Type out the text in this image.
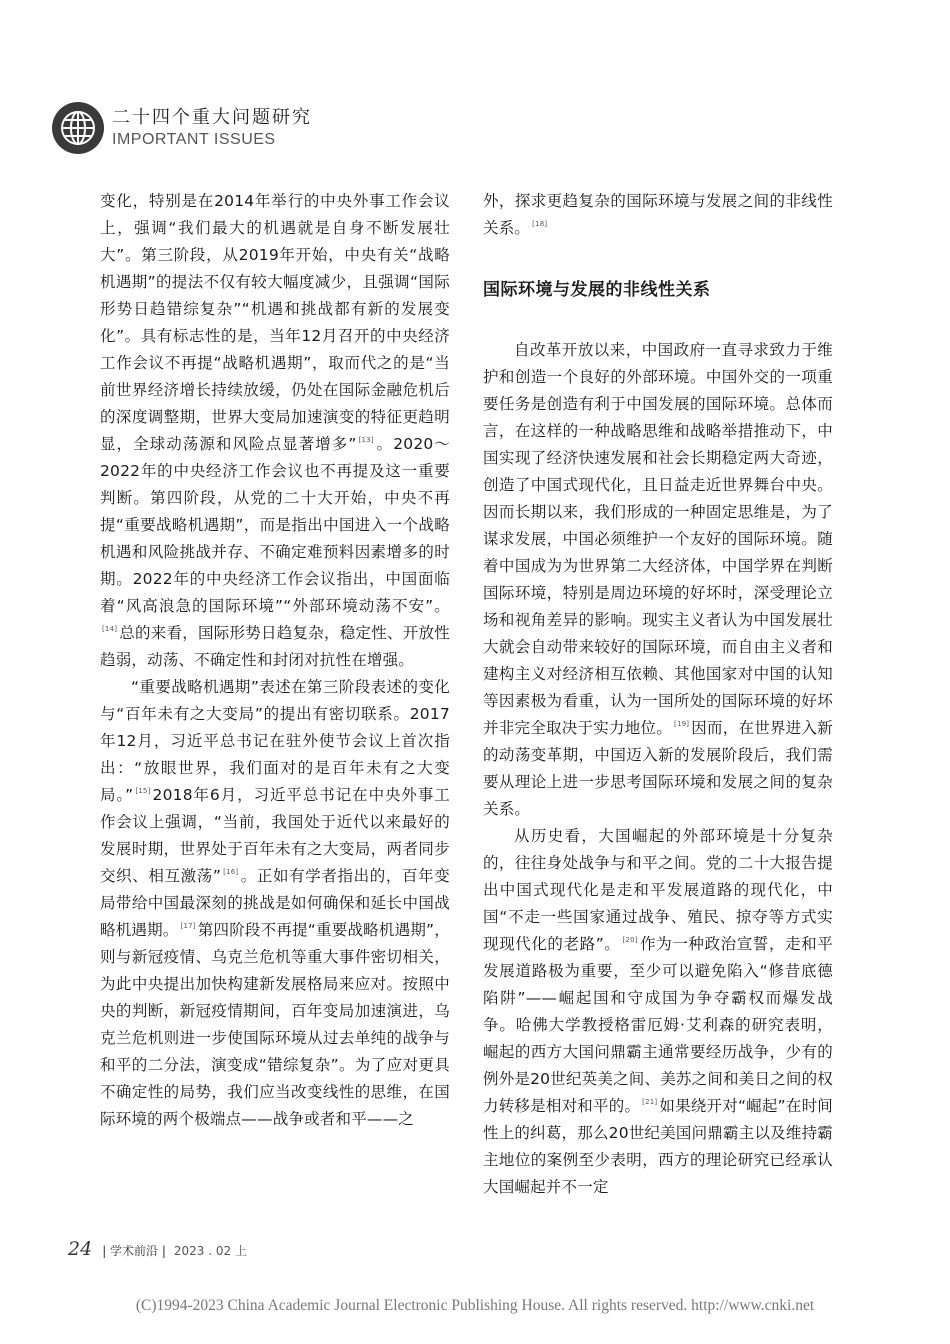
二十四个重大问题研究
IMPORTANT ISSUES

变化，特别是在2014年举行的中央外事工作会议上，强调“我们最大的机遇就是自身不断发展壮大”。第三阶段，从2019年开始，中央有关“战略机遇期”的提法不仅有较大幅度减少，且强调“国际形势日趋错综复杂”“机遇和挑战都有新的发展变化”。具有标志性的是，当年12月召开的中央经济工作会议不再提“战略机遇期”，取而代之的是“当前世界经济增长持续放缓，仍处在国际金融危机后的深度调整期，世界大变局加速演变的特征更趋明显，全球动荡源和风险点显著增多” [13] 。2020～2022年的中央经济工作会议也不再提及这一重要判断。第四阶段，从党的二十大开始，中央不再提“重要战略机遇期”，而是指出中国进入一个战略机遇和风险挑战并存、不确定难预料因素增多的时期。2022年的中央经济工作会议指出，中国面临着“风高浪急的国际环境”“外部环境动荡不安”。[14] 总的来看，国际形势日趋复杂，稳定性、开放性趋弱，动荡、不确定性和封闭对抗性在增强。

“重要战略机遇期”表述在第三阶段表述的变化与“百年未有之大变局”的提出有密切联系。2017年12月，习近平总书记在驻外使节会议上首次指出：“放眼世界，我们面对的是百年未有之大变局。” [15] 2018年6月，习近平总书记在中央外事工作会议上强调，“当前，我国处于近代以来最好的发展时期，世界处于百年未有之大变局，两者同步交织、相互激荡” [16] 。正如有学者指出的，百年变局带给中国最深刻的挑战是如何确保和延长中国战略机遇期。 [17] 第四阶段不再提“重要战略机遇期”，则与新冠疫情、乌克兰危机等重大事件密切相关，为此中央提出加快构建新发展格局来应对。按照中央的判断，新冠疫情期间，百年变局加速演进，乌克兰危机则进一步使国际环境从过去单纯的战争与和平的二分法，演变成“错综复杂”。为了应对更具不确定性的局势，我们应当改变线性的思维，在国际环境的两个极端点——战争或者和平——之

外，探求更趋复杂的国际环境与发展之间的非线性关系。 [18]

国际环境与发展的非线性关系

自改革开放以来，中国政府一直寻求致力于维护和创造一个良好的外部环境。中国外交的一项重要任务是创造有利于中国发展的国际环境。总体而言，在这样的一种战略思维和战略举措推动下，中国实现了经济快速发展和社会长期稳定两大奇迹，创造了中国式现代化，且日益走近世界舞台中央。因而长期以来，我们形成的一种固定思维是，为了谋求发展，中国必须维护一个友好的国际环境。随着中国成为为世界第二大经济体，中国学界在判断国际环境，特别是周边环境的好坏时，深受理论立场和视角差异的影响。现实主义者认为中国发展壮大就会自动带来较好的国际环境，而自由主义者和建构主义对经济相互依赖、其他国家对中国的认知等因素极为看重，认为一国所处的国际环境的好坏并非完全取决于实力地位。 [19] 因而，在世界进入新的动荡变革期，中国迈入新的发展阶段后，我们需要从理论上进一步思考国际环境和发展之间的复杂关系。

从历史看，大国崛起的外部环境是十分复杂的，往往身处战争与和平之间。党的二十大报告提出中国式现代化是走和平发展道路的现代化，中国“不走一些国家通过战争、殖民、掠夺等方式实现现代化的老路”。 [20] 作为一种政治宣誓，走和平发展道路极为重要，至少可以避免陷入“修昔底德陷阱”——崛起国和守成国为争夺霸权而爆发战争。哈佛大学教授格雷厄姆·艾利森的研究表明，崛起的西方大国问鼎霸主通常要经历战争，少有的例外是20世纪英美之间、美苏之间和美日之间的权力转移是相对和平的。 [21] 如果绕开对“崛起”在时间性上的纠葛，那么20世纪美国问鼎霸主以及维持霸主地位的案例至少表明，西方的理论研究已经承认大国崛起并不一定

24 | 学术前沿 | 2023 . 02 上
(C)1994-2023 China Academic Journal Electronic Publishing House. All rights reserved. http://www.cnki.net
